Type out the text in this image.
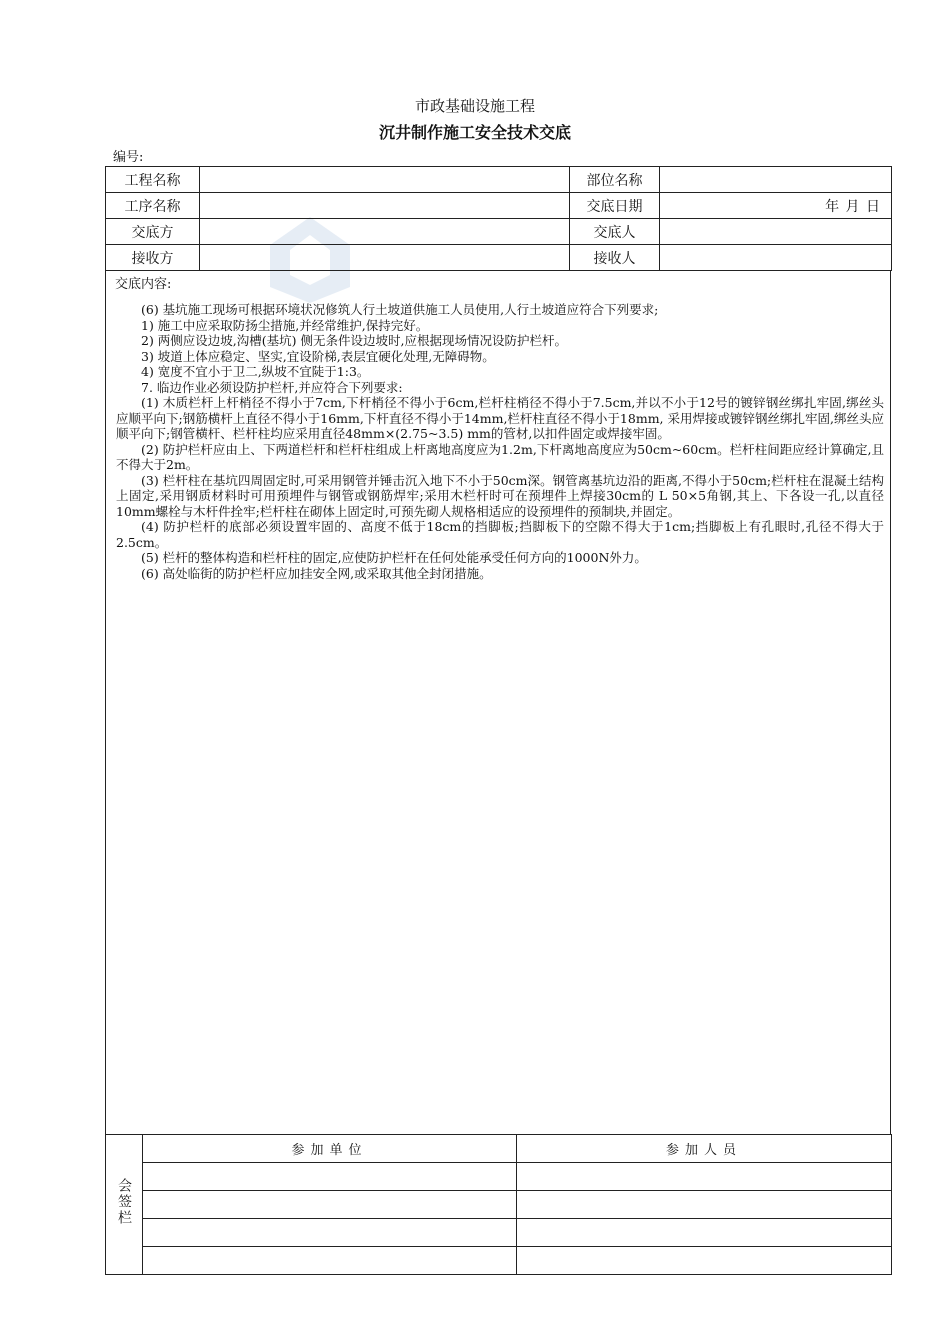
市政基础设施工程
沉井制作施工安全技术交底
编号:
工程名称		部位名称	
工序名称		交底日期	年 月 日
交底方		交底人	
接收方		接收人	
交底内容:

(6) 基坑施工现场可根据环境状况修筑人行土坡道供施工人员使用,人行土坡道应符合下列要求;

1) 施工中应采取防扬尘措施,并经常维护,保持完好。

2) 两侧应设边坡,沟槽(基坑) 侧无条件设边坡时,应根据现场情况设防护栏杆。

3) 坡道上体应稳定、坚实,宜设阶梯,表层宜硬化处理,无障碍物。

4) 宽度不宜小于卫二,纵坡不宜陡于1:3。

7. 临边作业必须设防护栏杆,并应符合下列要求:

(1) 木质栏杆上杆梢径不得小于7cm,下杆梢径不得小于6cm,栏杆柱梢径不得小于7.5cm,并以不小于12号的镀锌钢丝绑扎牢固,绑丝头应顺平向下;钢筋横杆上直径不得小于16mm,下杆直径不得小于14mm,栏杆柱直径不得小于18mm, 采用焊接或镀锌钢丝绑扎牢固,绑丝头应顺平向下;钢管横杆、栏杆柱均应采用直径48mm×(2.75~3.5) mm的管材,以扣件固定或焊接牢固。

(2) 防护栏杆应由上、下两道栏杆和栏杆柱组成上杆离地高度应为1.2m,下杆离地高度应为50cm~60cm。栏杆柱间距应经计算确定,且不得大于2m。

(3) 栏杆柱在基坑四周固定时,可采用钢管并锤击沉入地下不小于50cm深。钢管离基坑边沿的距离,不得小于50cm;栏杆柱在混凝土结构上固定,采用钢质材料时可用预埋件与钢管或钢筋焊牢;采用木栏杆时可在预埋件上焊接30cm的 L 50×5角钢,其上、下各设一孔,以直径10mm螺栓与木杆件拴牢;栏杆柱在砌体上固定时,可预先砌人规格相适应的设预埋件的预制块,并固定。

(4) 防护栏杆的底部必须设置牢固的、高度不低于18cm的挡脚板;挡脚板下的空隙不得大于1cm;挡脚板上有孔眼时,孔径不得大于2.5cm。

(5) 栏杆的整体构造和栏杆柱的固定,应使防护栏杆在任何处能承受任何方向的1000N外力。

(6) 高处临街的防护栏杆应加挂安全网,或采取其他全封闭措施。

会签栏	参加单位	参加人员
